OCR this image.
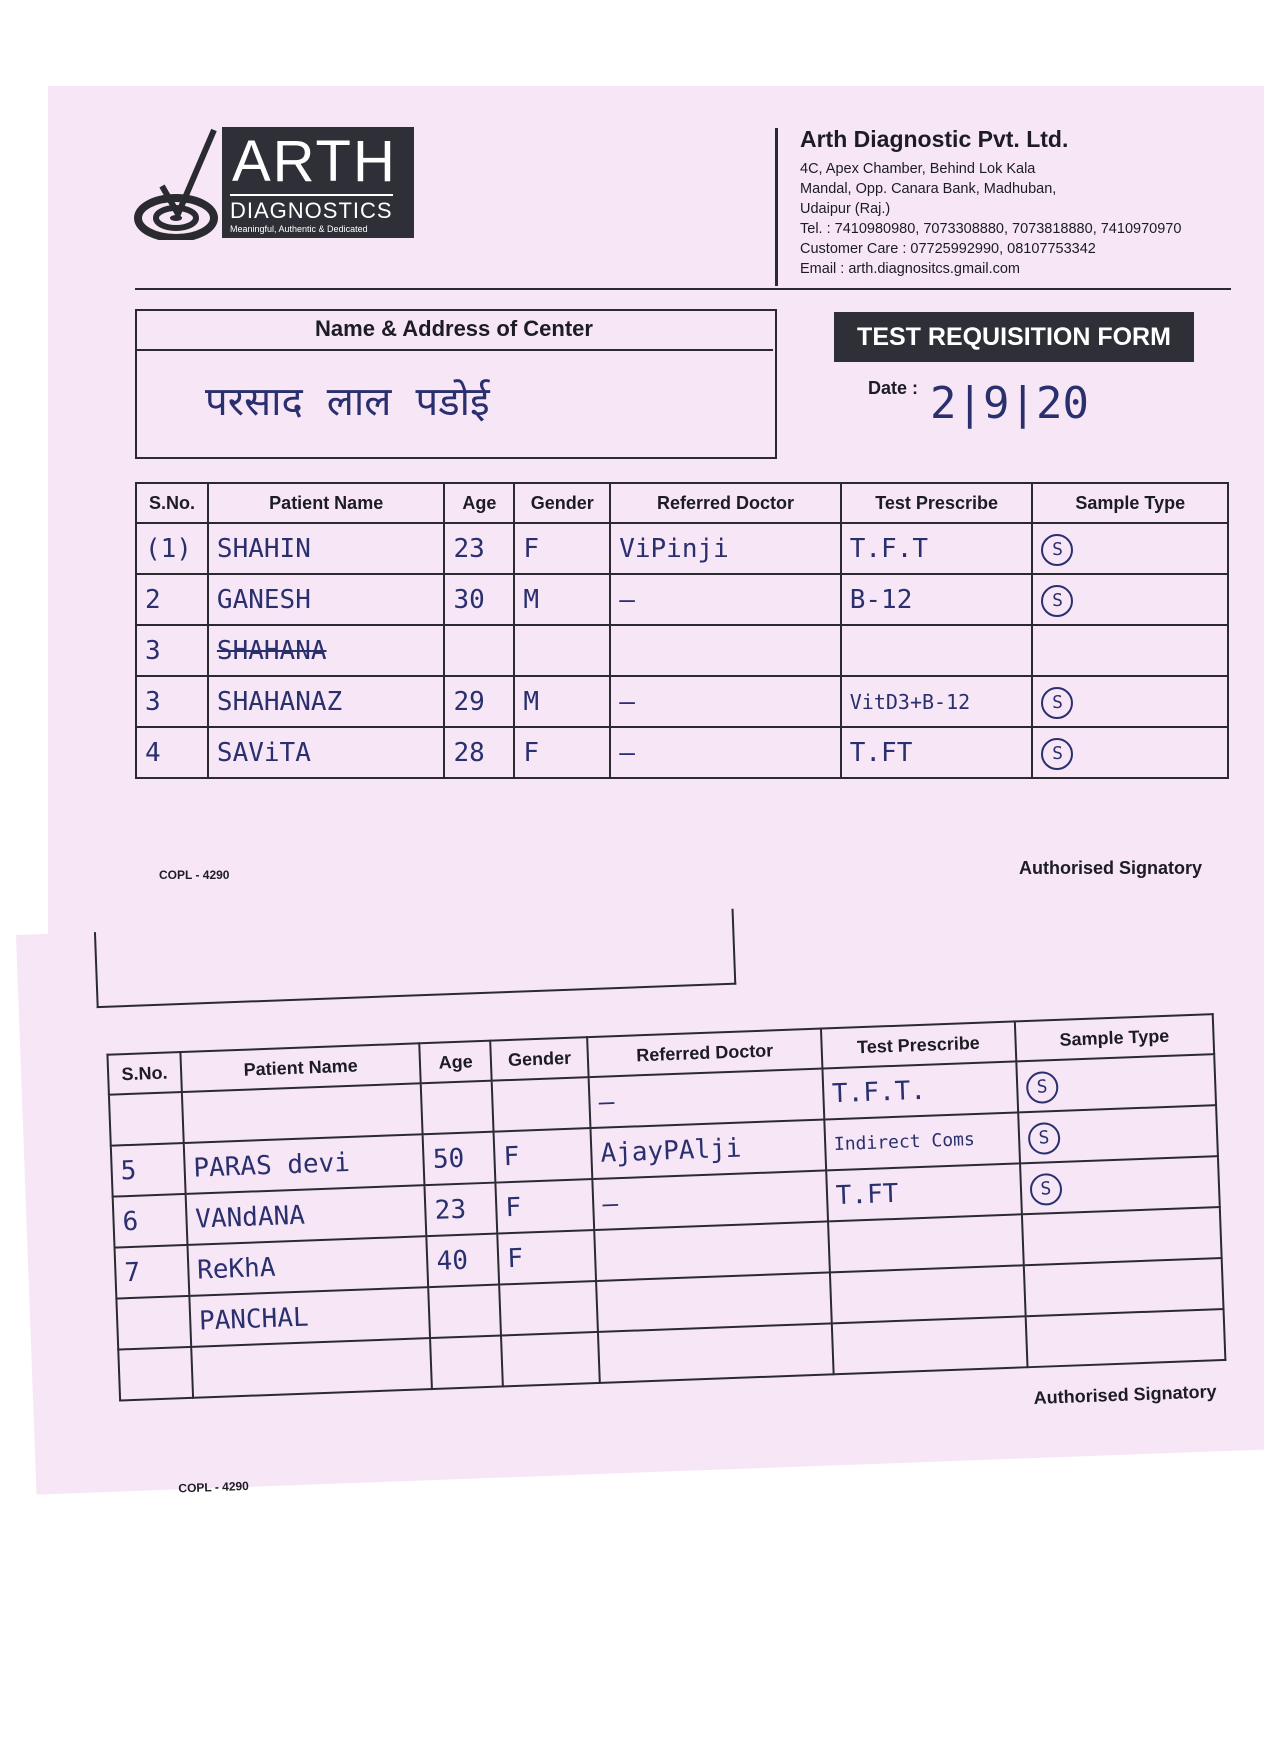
ARTH
DIAGNOSTICS
Meaningful, Authentic & Dedicated
Arth Diagnostic Pvt. Ltd.
4C, Apex Chamber, Behind Lok Kala
Mandal, Opp. Canara Bank, Madhuban,
Udaipur (Raj.)
Tel. : 7410980980, 7073308880, 7073818880, 7410970970
Customer Care : 07725992990, 08107753342
Email : arth.diagnositcs.gmail.com
Name & Address of Center
परसाद लाल पडोई
TEST REQUISITION FORM
Date : 2|9|20
S.No.	Patient Name	Age	Gender	Referred Doctor	Test Prescribe	Sample Type
(1)	SHAHIN	23	F	ViPinji	T.F.T	S
2	GANESH	30	M	—	B-12	S
3	SHAHANA					
3	SHAHANAZ	29	M	—	VitD3+B-12	S
4	SAViTA	28	F	—	T.FT	S
COPL - 4290	Authorised Signatory
S.No.	Patient Name	Age	Gender	Referred Doctor	Test Prescribe	Sample Type
				—	T.F.T.	S
5	PARAS devi	50	F	AjayPAlji	Indirect Coms	S
6	VANdANA	23	F	—	T.FT	S
7	ReKhA	40	F			
	PANCHAL					

Authorised Signatory
COPL - 4290
